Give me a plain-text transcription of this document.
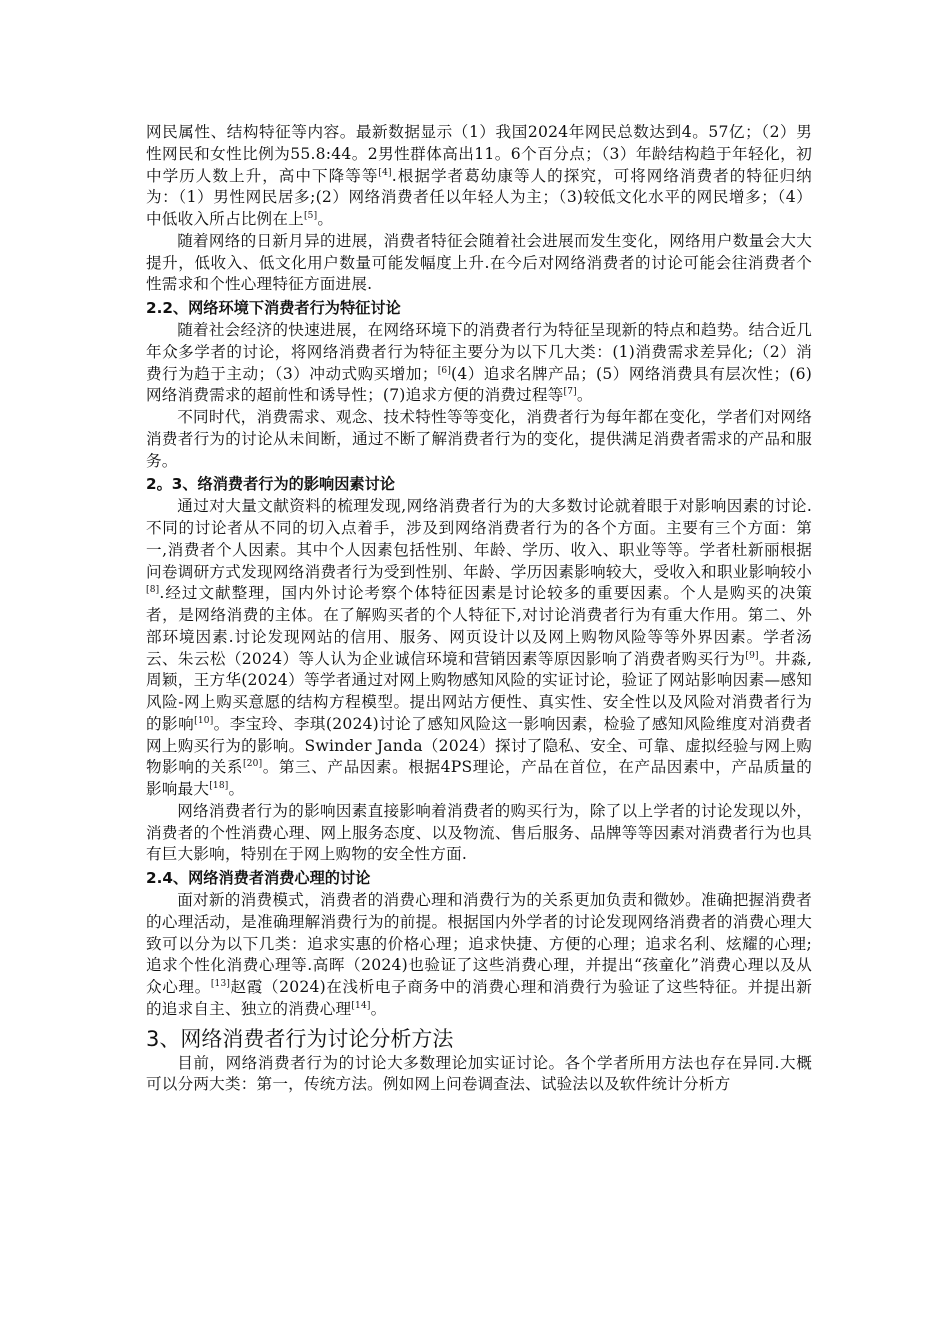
网民属性、结构特征等内容。最新数据显示（1）我国2024年网民总数达到4。57亿；（2）男性网民和女性比例为55.8:44。2男性群体高出11。6个百分点；（3）年龄结构趋于年轻化，初中学历人数上升，高中下降等等[4].根据学者葛幼康等人的探究，可将网络消费者的特征归纳为：（1）男性网民居多;(2）网络消费者任以年轻人为主；（3)较低文化水平的网民增多；（4）中低收入所占比例在上[5]。

随着网络的日新月异的进展，消费者特征会随着社会进展而发生变化，网络用户数量会大大提升，低收入、低文化用户数量可能发幅度上升.在今后对网络消费者的讨论可能会往消费者个性需求和个性心理特征方面进展.

2.2、网络环境下消费者行为特征讨论

随着社会经济的快速进展，在网络环境下的消费者行为特征呈现新的特点和趋势。结合近几年众多学者的讨论，将网络消费者行为特征主要分为以下几大类：(1)消费需求差异化;（2）消费行为趋于主动；（3）冲动式购买增加；[6](4）追求名牌产品；(5）网络消费具有层次性；(6)网络消费需求的超前性和诱导性；(7)追求方便的消费过程等[7]。

不同时代，消费需求、观念、技术特性等等变化，消费者行为每年都在变化，学者们对网络消费者行为的讨论从未间断，通过不断了解消费者行为的变化，提供满足消费者需求的产品和服务。

2。3、络消费者行为的影响因素讨论

通过对大量文献资料的梳理发现,网络消费者行为的大多数讨论就着眼于对影响因素的讨论.不同的讨论者从不同的切入点着手，涉及到网络消费者行为的各个方面。主要有三个方面：第一,消费者个人因素。其中个人因素包括性别、年龄、学历、收入、职业等等。学者杜新丽根据问卷调研方式发现网络消费者行为受到性别、年龄、学历因素影响较大，受收入和职业影响较小[8].经过文献整理，国内外讨论考察个体特征因素是讨论较多的重要因素。个人是购买的决策者，是网络消费的主体。在了解购买者的个人特征下,对讨论消费者行为有重大作用。第二、外部环境因素.讨论发现网站的信用、服务、网页设计以及网上购物风险等等外界因素。学者汤云、朱云松（2024）等人认为企业诚信环境和营销因素等原因影响了消费者购买行为[9]。井淼,周颖，王方华(2024）等学者通过对网上购物感知风险的实证讨论，验证了网站影响因素—感知风险-网上购买意愿的结构方程模型。提出网站方便性、真实性、安全性以及风险对消费者行为的影响[10]。李宝玲、李琪(2024)讨论了感知风险这一影响因素，检验了感知风险维度对消费者网上购买行为的影响。Swinder Janda（2024）探讨了隐私、安全、可靠、虚拟经验与网上购物影响的关系[20]。第三、产品因素。根据4PS理论，产品在首位，在产品因素中，产品质量的影响最大[18]。

网络消费者行为的影响因素直接影响着消费者的购买行为，除了以上学者的讨论发现以外，消费者的个性消费心理、网上服务态度、以及物流、售后服务、品牌等等因素对消费者行为也具有巨大影响，特别在于网上购物的安全性方面.

2.4、网络消费者消费心理的讨论

面对新的消费模式，消费者的消费心理和消费行为的关系更加负责和微妙。准确把握消费者的心理活动，是准确理解消费行为的前提。根据国内外学者的讨论发现网络消费者的消费心理大致可以分为以下几类：追求实惠的价格心理；追求快捷、方便的心理；追求名利、炫耀的心理;追求个性化消费心理等.高晖（2024)也验证了这些消费心理，并提出“孩童化”消费心理以及从众心理。[13]赵霞（2024)在浅析电子商务中的消费心理和消费行为验证了这些特征。并提出新的追求自主、独立的消费心理[14]。

3、网络消费者行为讨论分析方法

目前，网络消费者行为的讨论大多数理论加实证讨论。各个学者所用方法也存在异同.大概可以分两大类：第一，传统方法。例如网上问卷调查法、试验法以及软件统计分析方
